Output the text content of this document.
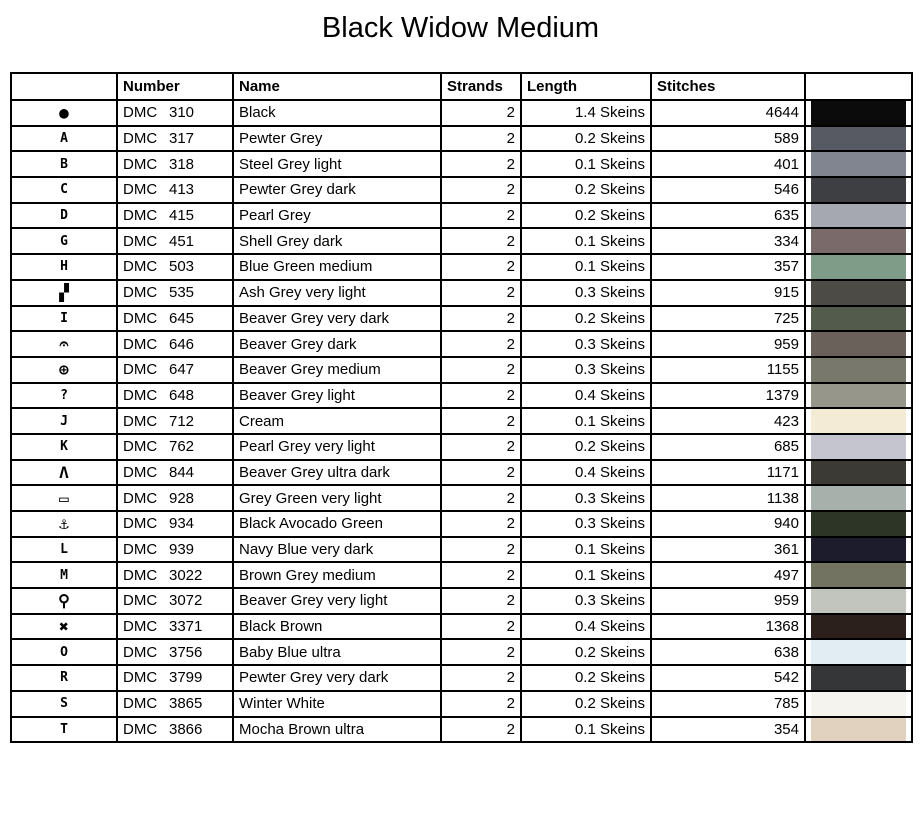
Black Widow Medium
	Number	Name	Strands	Length	Stitches	
●	DMC 310	Black	2	1.4 Skeins	4644	

A	DMC 317	Pewter Grey	2	0.2 Skeins	589	

B	DMC 318	Steel Grey light	2	0.1 Skeins	401	

C	DMC 413	Pewter Grey dark	2	0.2 Skeins	546	

D	DMC 415	Pearl Grey	2	0.2 Skeins	635	

G	DMC 451	Shell Grey dark	2	0.1 Skeins	334	

H	DMC 503	Blue Green medium	2	0.1 Skeins	357	

▞	DMC 535	Ash Grey very light	2	0.3 Skeins	915	

I	DMC 645	Beaver Grey very dark	2	0.2 Skeins	725	

𝄐	DMC 646	Beaver Grey dark	2	0.3 Skeins	959	

⊕	DMC 647	Beaver Grey medium	2	0.3 Skeins	1155	

?	DMC 648	Beaver Grey light	2	0.4 Skeins	1379	

J	DMC 712	Cream	2	0.1 Skeins	423	

K	DMC 762	Pearl Grey very light	2	0.2 Skeins	685	

Λ	DMC 844	Beaver Grey ultra dark	2	0.4 Skeins	1171	

▭	DMC 928	Grey Green very light	2	0.3 Skeins	1138	

⚓	DMC 934	Black Avocado Green	2	0.3 Skeins	940	

L	DMC 939	Navy Blue very dark	2	0.1 Skeins	361	

M	DMC 3022	Brown Grey medium	2	0.1 Skeins	497	

⚲	DMC 3072	Beaver Grey very light	2	0.3 Skeins	959	

✖	DMC 3371	Black Brown	2	0.4 Skeins	1368	

O	DMC 3756	Baby Blue ultra	2	0.2 Skeins	638	

R	DMC 3799	Pewter Grey very dark	2	0.2 Skeins	542	

S	DMC 3865	Winter White	2	0.2 Skeins	785	

T	DMC 3866	Mocha Brown ultra	2	0.1 Skeins	354	
